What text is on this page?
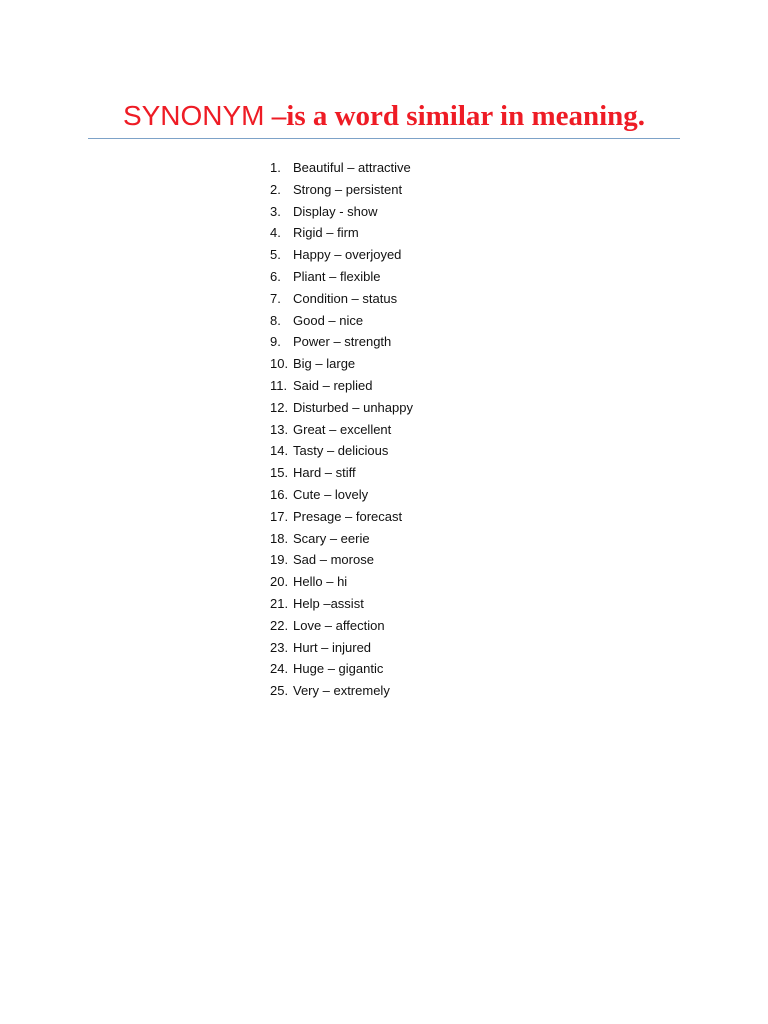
SYNONYM –is a word similar in meaning.
1. Beautiful – attractive
2. Strong – persistent
3. Display - show
4. Rigid – firm
5. Happy – overjoyed
6. Pliant – flexible
7. Condition – status
8. Good – nice
9. Power – strength
10. Big – large
11. Said – replied
12. Disturbed – unhappy
13. Great – excellent
14. Tasty – delicious
15. Hard – stiff
16. Cute – lovely
17. Presage – forecast
18. Scary – eerie
19. Sad – morose
20. Hello – hi
21. Help –assist
22. Love – affection
23. Hurt – injured
24. Huge – gigantic
25. Very – extremely
